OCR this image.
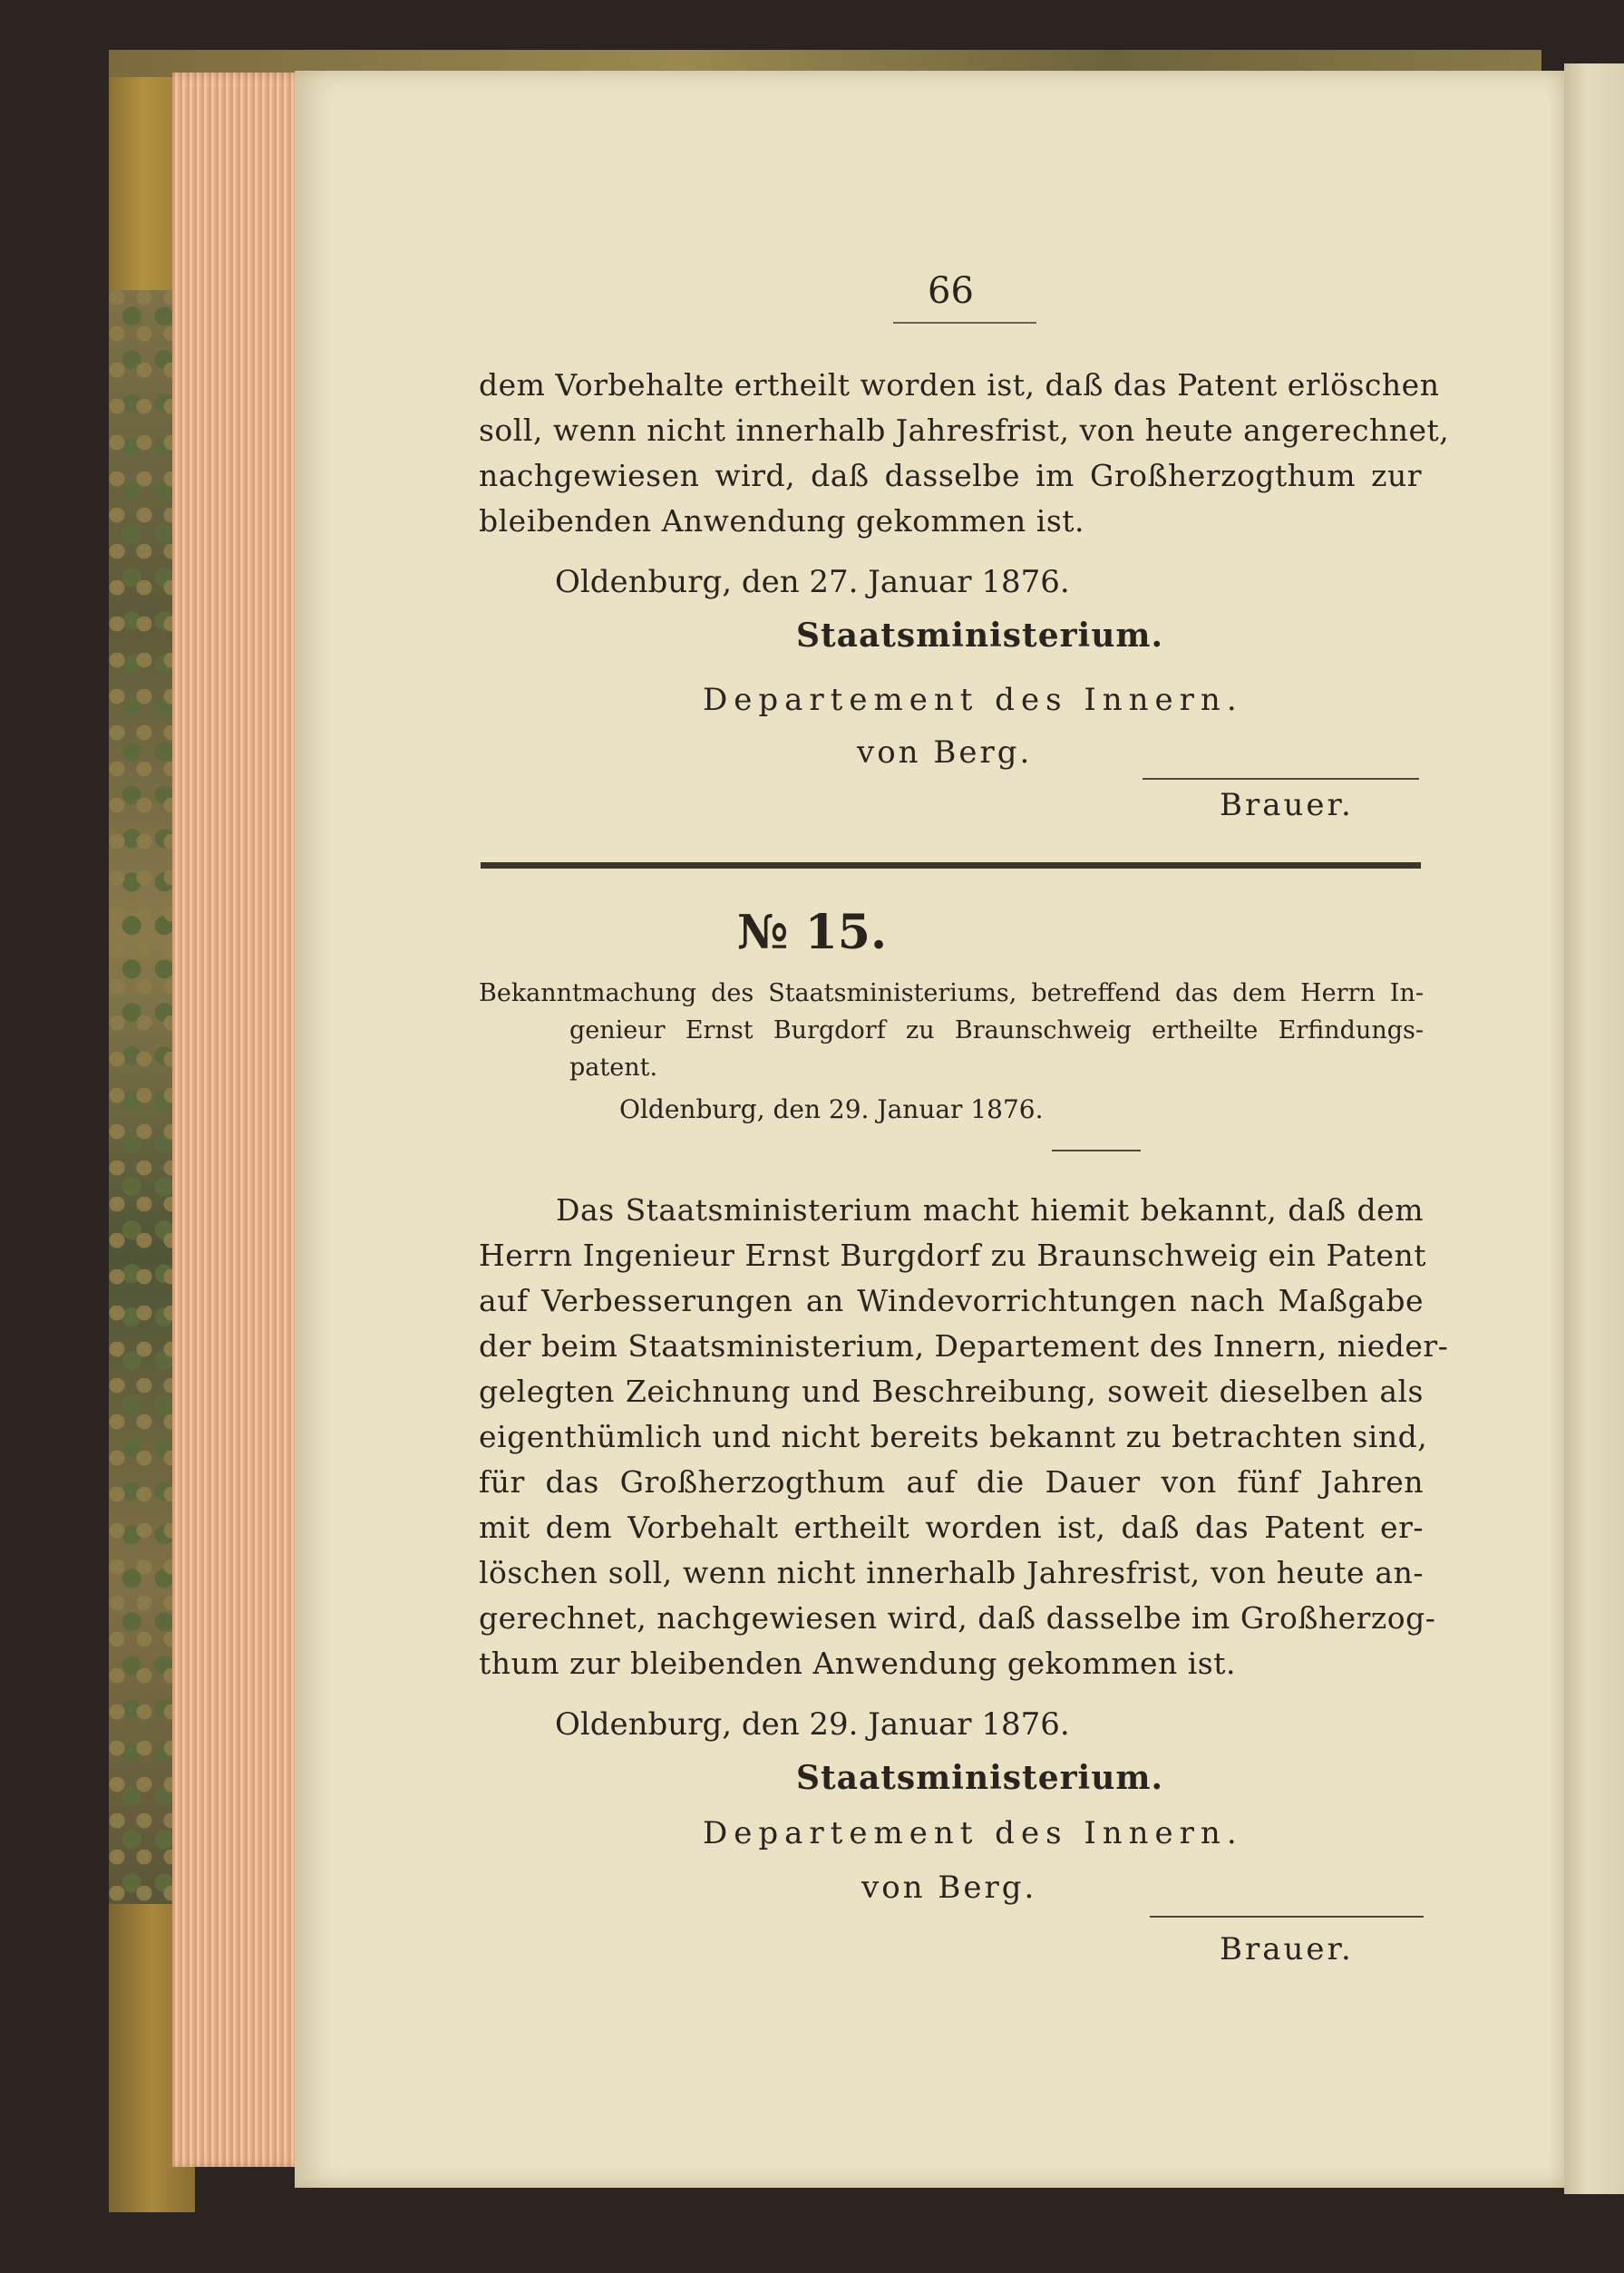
66
dem Vorbehalte ertheilt worden ist, daß das Patent erlöschen
soll, wenn nicht innerhalb Jahresfrist, von heute angerechnet,
nachgewiesen wird, daß dasselbe im Großherzogthum zur
bleibenden Anwendung gekommen ist.
Oldenburg, den 27. Januar 1876.
Staatsministerium.
Departement des Innern.
von Berg.
Brauer.
№ 15.
Bekanntmachung des Staatsministeriums, betreffend das dem Herrn In-
genieur Ernst Burgdorf zu Braunschweig ertheilte Erfindungs-
patent.
Oldenburg, den 29. Januar 1876.
Das Staatsministerium macht hiemit bekannt, daß dem
Herrn Ingenieur Ernst Burgdorf zu Braunschweig ein Patent
auf Verbesserungen an Windevorrichtungen nach Maßgabe
der beim Staatsministerium, Departement des Innern, nieder-
gelegten Zeichnung und Beschreibung, soweit dieselben als
eigenthümlich und nicht bereits bekannt zu betrachten sind,
für das Großherzogthum auf die Dauer von fünf Jahren
mit dem Vorbehalt ertheilt worden ist, daß das Patent er-
löschen soll, wenn nicht innerhalb Jahresfrist, von heute an-
gerechnet, nachgewiesen wird, daß dasselbe im Großherzog-
thum zur bleibenden Anwendung gekommen ist.
Oldenburg, den 29. Januar 1876.
Staatsministerium.
Departement des Innern.
von Berg.
Brauer.
